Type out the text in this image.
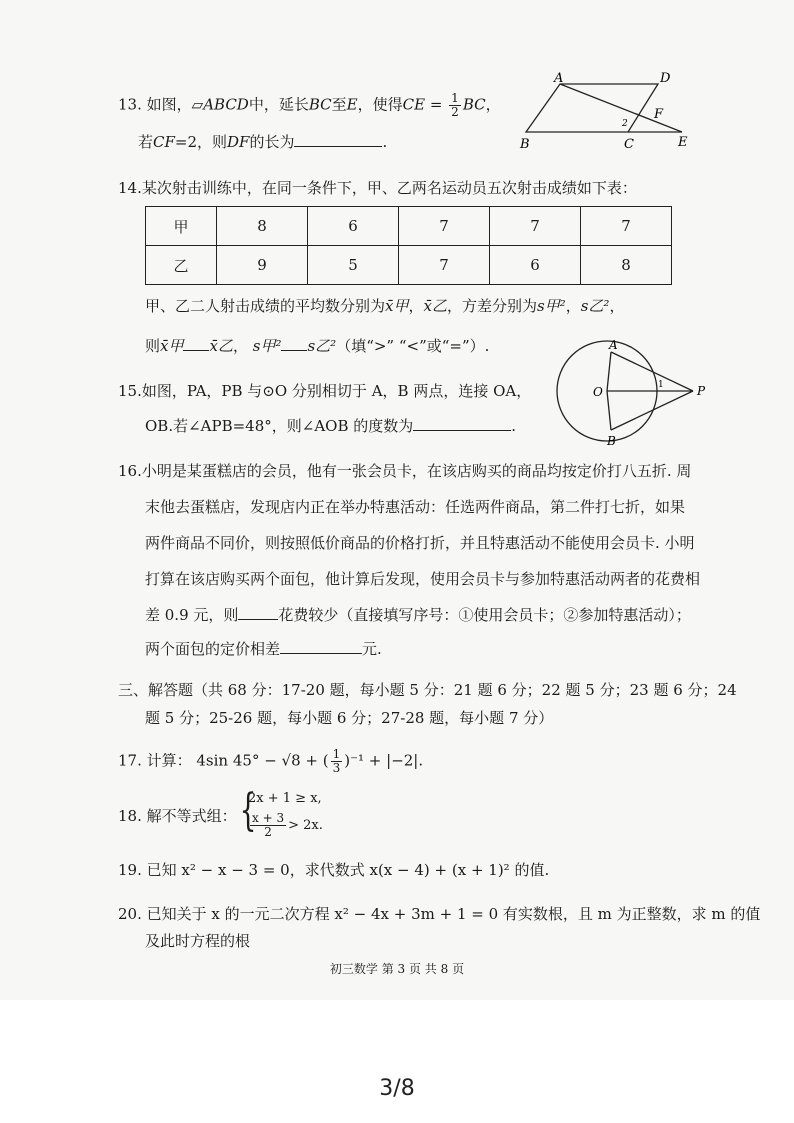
13. 如图，▱ABCD中，延长BC至E，使得CE = $\frac{1}{2}$ BC，
若CF=2，则DF的长为	.
A	D
F
B	C	E
2
14.某次射击训练中，在同一条件下，甲、乙两名运动员五次射击成绩如下表：
甲	8	6	7	7	7
乙	9	5	7	6	8
甲、乙二人射击成绩的平均数分别为x̄甲，x̄乙，方差分别为s甲²，s乙²，
则x̄甲 x̄乙， s甲² s乙²（填“>” “<”或“=”）.
15.如图，PA，PB 与⊙O 分别相切于 A，B 两点，连接 OA，
OB.若∠APB=48°，则∠AOB 的度数为	.
A
O	P
B
1
16.小明是某蛋糕店的会员，他有一张会员卡，在该店购买的商品均按定价打八五折. 周
末他去蛋糕店，发现店内正在举办特惠活动：任选两件商品，第二件打七折，如果
两件商品不同价，则按照低价商品的价格打折，并且特惠活动不能使用会员卡. 小明
打算在该店购买两个面包，他计算后发现，使用会员卡与参加特惠活动两者的花费相
差 0.9 元，则	花费较少（直接填写序号：①使用会员卡；②参加特惠活动）；
两个面包的定价相差	元.
三、解答题（共 68 分：17-20 题，每小题 5 分：21 题 6 分；22 题 5 分；23 题 6 分；24
题 5 分；25-26 题，每小题 6 分；27-28 题，每小题 7 分）
17. 计算： 4sin 45° − √8 + ( $\frac{1}{3} )^{-1} + |-2|$.
18. 解不等式组： {
2x + 1 ≥ x,
$\frac{x + 3}{2} > 2x$.
19. 已知 x² − x − 3 = 0，求代数式 x(x − 4) + (x + 1)² 的值.
20. 已知关于 x 的一元二次方程 x² − 4x + 3m + 1 = 0 有实数根，且 m 为正整数，求 m 的值
及此时方程的根
初三数学 第 3 页 共 8 页
3/8
